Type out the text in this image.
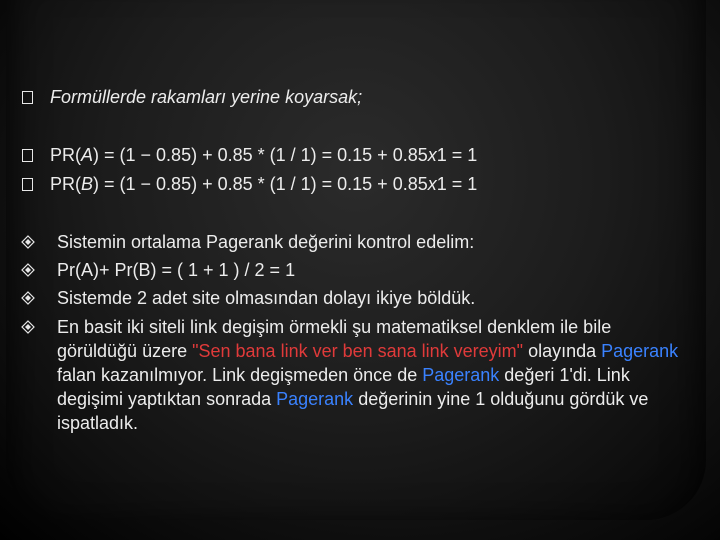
Formüllerde rakamları yerine koyarsak;
PR(A) = (1 − 0.85) + 0.85 * (1 / 1) = 0.15 + 0.85x1 = 1
PR(B) = (1 − 0.85) + 0.85 * (1 / 1) = 0.15 + 0.85x1 = 1
Sistemin ortalama Pagerank değerini kontrol edelim:
Pr(A)+ Pr(B) = ( 1 + 1 ) / 2 = 1
Sistemde 2 adet site olmasından dolayı ikiye böldük.
En basit iki siteli link degişim örmekli şu matematiksel denklem ile bile görüldüğü üzere "Sen bana link ver ben sana link vereyim" olayında Pagerank falan kazanılmıyor. Link degişmeden önce de Pagerank değeri 1'di. Link degişimi yaptıktan sonrada Pagerank değerinin yine 1 olduğunu gördük ve ispatladık.
